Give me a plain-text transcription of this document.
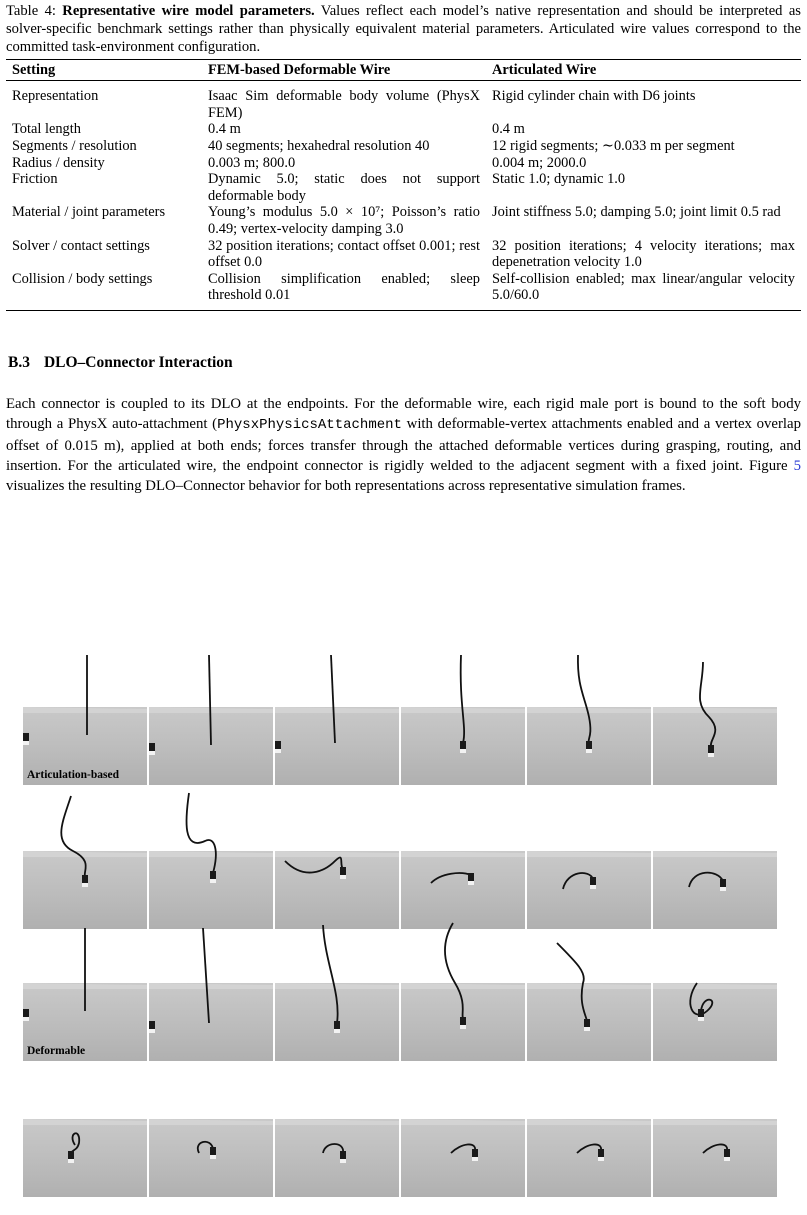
Table 4: Representative wire model parameters. Values reflect each model’s native representation and should be interpreted as solver-specific benchmark settings rather than physically equivalent material parameters. Articulated wire values correspond to the committed task-environment configuration.
Setting	FEM-based Deformable Wire	Articulated Wire
Representation	Isaac Sim deformable body volume (PhysX FEM)	Rigid cylinder chain with D6 joints
Total length	0.4 m	0.4 m
Segments / resolution	40 segments; hexahedral resolution 40	12 rigid segments; ∼0.033 m per segment
Radius / density	0.003 m; 800.0	0.004 m; 2000.0
Friction	Dynamic 5.0; static does not support deformable body	Static 1.0; dynamic 1.0
Material / joint parameters	Young’s modulus 5.0 × 10⁷; Poisson’s ratio 0.49; vertex-velocity damping 3.0	Joint stiffness 5.0; damping 5.0; joint limit 0.5 rad
Solver / contact settings	32 position iterations; contact offset 0.001; rest offset 0.0	32 position iterations; 4 velocity iterations; max depenetration velocity 1.0
Collision / body settings	Collision simplification enabled; sleep threshold 0.01	Self-collision enabled; max linear/angular velocity 5.0/60.0
B.3 DLO–Connector Interaction
Each connector is coupled to its DLO at the endpoints. For the deformable wire, each rigid male port is bound to the soft body through a PhysX auto-attachment (PhysxPhysicsAttachment with deformable-vertex attachments enabled and a vertex overlap offset of 0.015 m), applied at both ends; forces transfer through the attached deformable vertices during grasping, routing, and insertion. For the articulated wire, the endpoint connector is rigidly welded to the adjacent segment with a fixed joint. Figure 5 visualizes the resulting DLO–Connector behavior for both representations across representative simulation frames.
Articulation-based
Deformable
